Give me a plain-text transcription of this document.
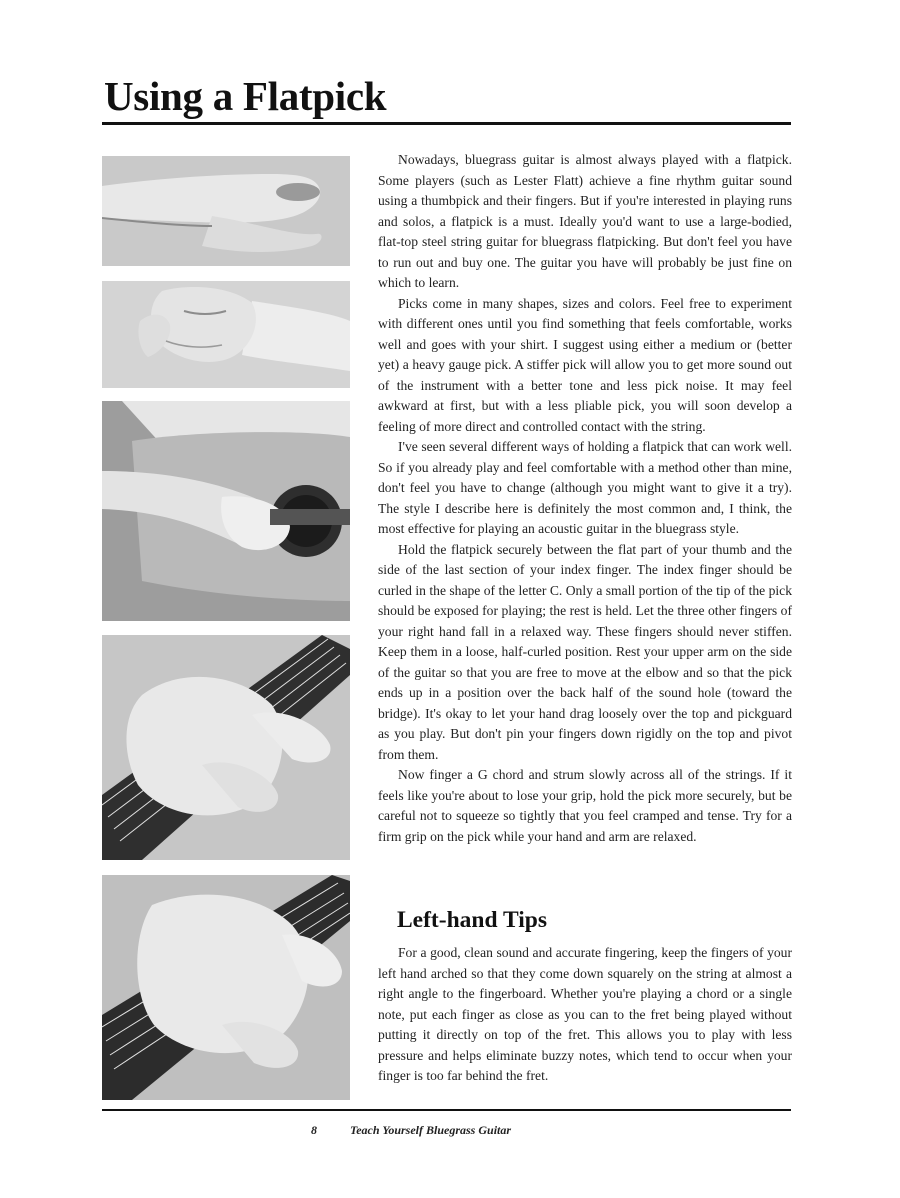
Using a Flatpick

Nowadays, bluegrass guitar is almost always played with a flatpick. Some players (such as Lester Flatt) achieve a fine rhythm guitar sound using a thumbpick and their fingers. But if you're interested in playing runs and solos, a flatpick is a must. Ideally you'd want to use a large-bodied, flat-top steel string guitar for bluegrass flatpicking. But don't feel you have to run out and buy one. The guitar you have will probably be just fine on which to learn.

Picks come in many shapes, sizes and colors. Feel free to experiment with different ones until you find something that feels comfortable, works well and goes with your shirt. I suggest using either a medium or (better yet) a heavy gauge pick. A stiffer pick will allow you to get more sound out of the instrument with a better tone and less pick noise. It may feel awkward at first, but with a less pliable pick, you will soon develop a feeling of more direct and controlled contact with the string.

I've seen several different ways of holding a flatpick that can work well. So if you already play and feel comfortable with a method other than mine, don't feel you have to change (although you might want to give it a try). The style I describe here is definitely the most common and, I think, the most effective for playing an acoustic guitar in the bluegrass style.

Hold the flatpick securely between the flat part of your thumb and the side of the last section of your index finger. The index finger should be curled in the shape of the letter C. Only a small portion of the tip of the pick should be exposed for playing; the rest is held. Let the three other fingers of your right hand fall in a relaxed way. These fingers should never stiffen. Keep them in a loose, half-curled position. Rest your upper arm on the side of the guitar so that you are free to move at the elbow and so that the pick ends up in a position over the back half of the sound hole (toward the bridge). It's okay to let your hand drag loosely over the top and pickguard as you play. But don't pin your fingers down rigidly on the top and pivot from them.

Now finger a G chord and strum slowly across all of the strings. If it feels like you're about to lose your grip, hold the pick more securely, but be careful not to squeeze so tightly that you feel cramped and tense. Try for a firm grip on the pick while your hand and arm are relaxed.

Left-hand Tips

For a good, clean sound and accurate fingering, keep the fingers of your left hand arched so that they come down squarely on the string at almost a right angle to the fingerboard. Whether you're playing a chord or a single note, put each finger as close as you can to the fret being played without putting it directly on top of the fret. This allows you to play with less pressure and helps eliminate buzzy notes, which tend to occur when your finger is too far behind the fret.

8	Teach Yourself Bluegrass Guitar
